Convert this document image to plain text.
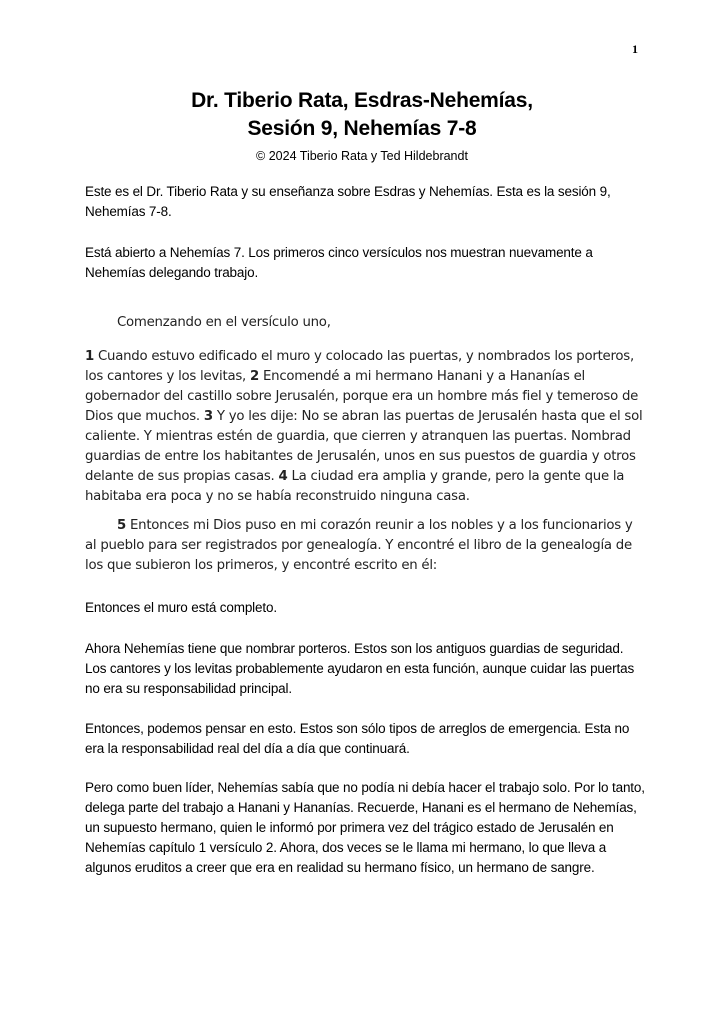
1
Dr. Tiberio Rata, Esdras-Nehemías,
Sesión 9, Nehemías 7-8
© 2024 Tiberio Rata y Ted Hildebrandt

Este es el Dr. Tiberio Rata y su enseñanza sobre Esdras y Nehemías. Esta es la sesión 9, Nehemías 7-8.

Está abierto a Nehemías 7. Los primeros cinco versículos nos muestran nuevamente a Nehemías delegando trabajo.

Comenzando en el versículo uno,

1 Cuando estuvo edificado el muro y colocado las puertas, y nombrados los porteros, los cantores y los levitas, 2 Encomendé a mi hermano Hanani y a Hananías el gobernador del castillo sobre Jerusalén, porque era un hombre más fiel y temeroso de Dios que muchos. 3 Y yo les dije: No se abran las puertas de Jerusalén hasta que el sol caliente. Y mientras estén de guardia, que cierren y atranquen las puertas. Nombrad guardias de entre los habitantes de Jerusalén, unos en sus puestos de guardia y otros delante de sus propias casas. 4 La ciudad era amplia y grande, pero la gente que la habitaba era poca y no se había reconstruido ninguna casa.

5 Entonces mi Dios puso en mi corazón reunir a los nobles y a los funcionarios y al pueblo para ser registrados por genealogía. Y encontré el libro de la genealogía de los que subieron los primeros, y encontré escrito en él:

Entonces el muro está completo.

Ahora Nehemías tiene que nombrar porteros. Estos son los antiguos guardias de seguridad. Los cantores y los levitas probablemente ayudaron en esta función, aunque cuidar las puertas no era su responsabilidad principal.

Entonces, podemos pensar en esto. Estos son sólo tipos de arreglos de emergencia. Esta no era la responsabilidad real del día a día que continuará.

Pero como buen líder, Nehemías sabía que no podía ni debía hacer el trabajo solo. Por lo tanto, delega parte del trabajo a Hanani y Hananías. Recuerde, Hanani es el hermano de Nehemías, un supuesto hermano, quien le informó por primera vez del trágico estado de Jerusalén en Nehemías capítulo 1 versículo 2. Ahora, dos veces se le llama mi hermano, lo que lleva a algunos eruditos a creer que era en realidad su hermano físico, un hermano de sangre.
